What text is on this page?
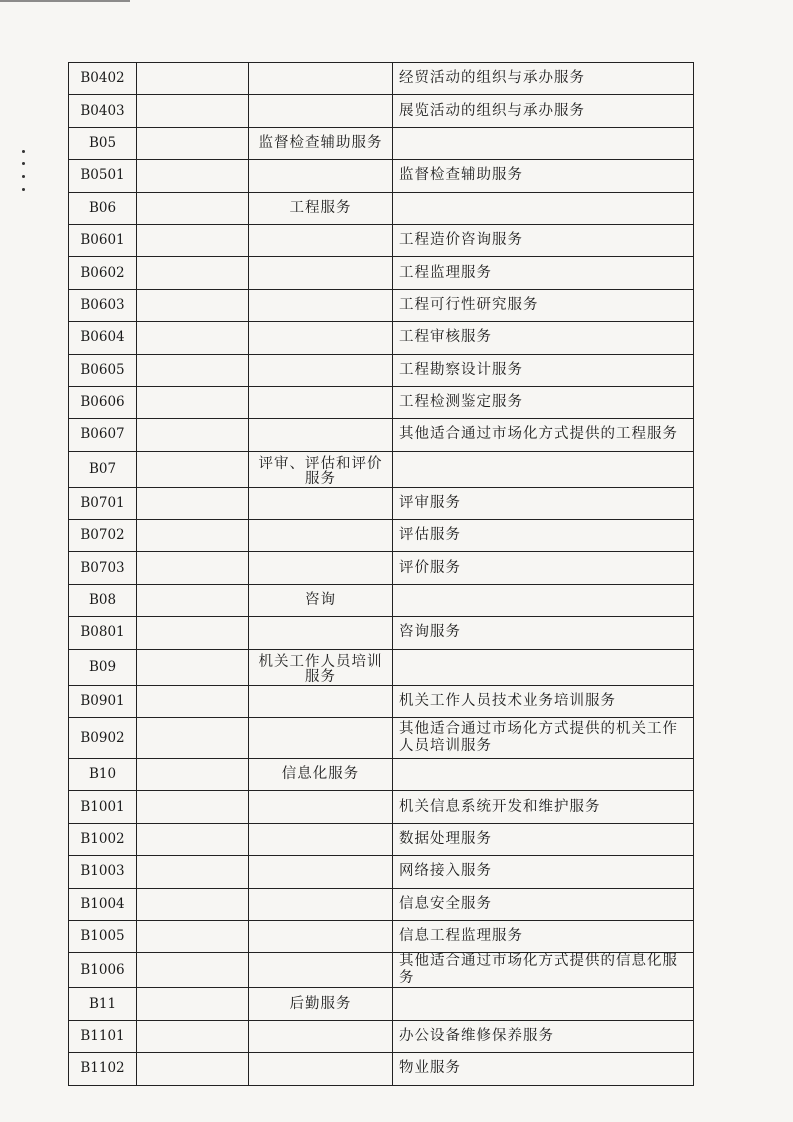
B0402			经贸活动的组织与承办服务
B0403			展览活动的组织与承办服务
B05		监督检查辅助服务	
B0501			监督检查辅助服务
B06		工程服务	
B0601			工程造价咨询服务
B0602			工程监理服务
B0603			工程可行性研究服务
B0604			工程审核服务
B0605			工程勘察设计服务
B0606			工程检测鉴定服务
B0607			其他适合通过市场化方式提供的工程服务
B07		评审、评估和评价服务	
B0701			评审服务
B0702			评估服务
B0703			评价服务
B08		咨询	
B0801			咨询服务
B09		机关工作人员培训服务	
B0901			机关工作人员技术业务培训服务
B0902			其他适合通过市场化方式提供的机关工作人员培训服务
B10		信息化服务	
B1001			机关信息系统开发和维护服务
B1002			数据处理服务
B1003			网络接入服务
B1004			信息安全服务
B1005			信息工程监理服务
B1006			其他适合通过市场化方式提供的信息化服务
B11		后勤服务	
B1101			办公设备维修保养服务
B1102			物业服务
